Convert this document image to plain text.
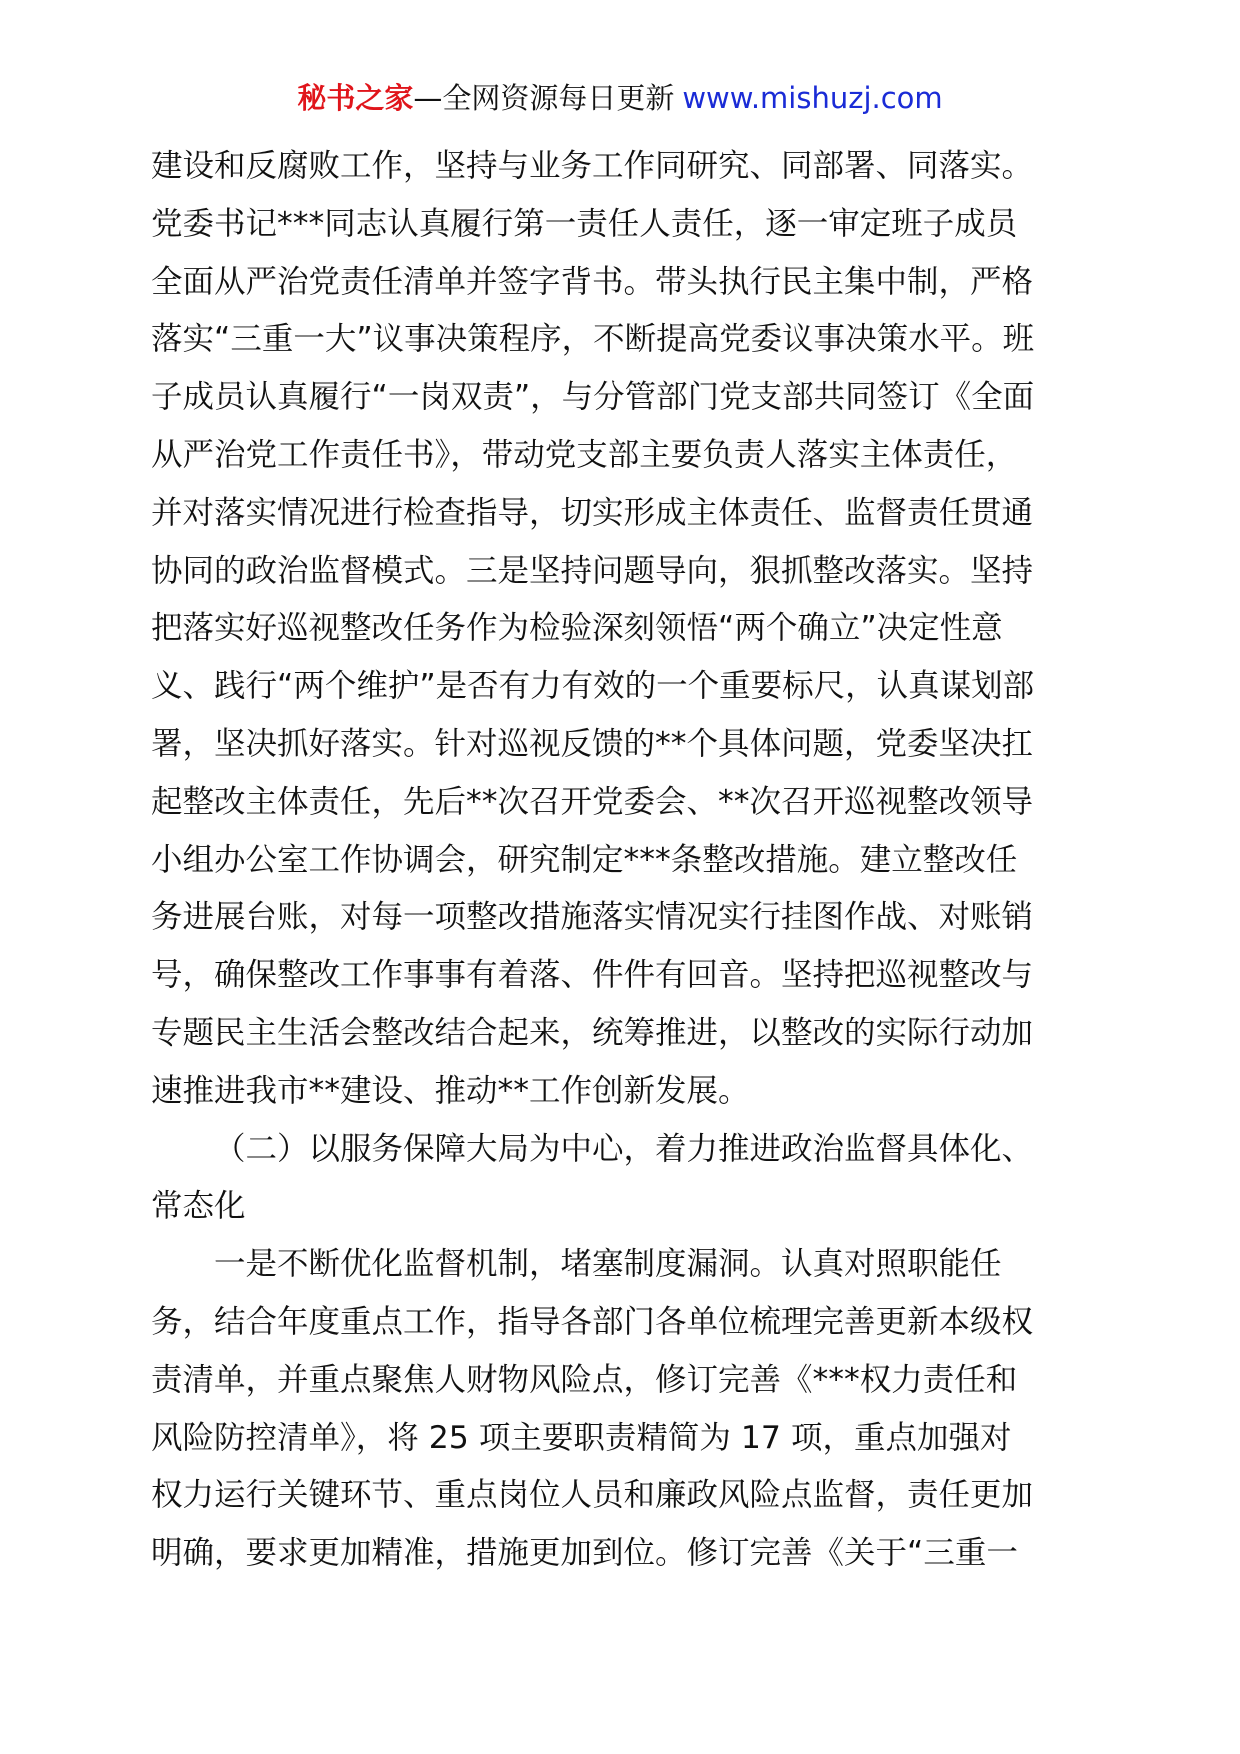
秘书之家—全网资源每日更新 www.mishuzj.com
建设和反腐败工作，坚持与业务工作同研究、同部署、同落实。
党委书记***同志认真履行第一责任人责任，逐一审定班子成员
全面从严治党责任清单并签字背书。带头执行民主集中制，严格
落实“三重一大”议事决策程序，不断提高党委议事决策水平。班
子成员认真履行“一岗双责”，与分管部门党支部共同签订《全面
从严治党工作责任书》，带动党支部主要负责人落实主体责任，
并对落实情况进行检查指导，切实形成主体责任、监督责任贯通
协同的政治监督模式。三是坚持问题导向，狠抓整改落实。坚持
把落实好巡视整改任务作为检验深刻领悟“两个确立”决定性意
义、践行“两个维护”是否有力有效的一个重要标尺，认真谋划部
署，坚决抓好落实。针对巡视反馈的**个具体问题，党委坚决扛
起整改主体责任，先后**次召开党委会、**次召开巡视整改领导
小组办公室工作协调会，研究制定***条整改措施。建立整改任
务进展台账，对每一项整改措施落实情况实行挂图作战、对账销
号，确保整改工作事事有着落、件件有回音。坚持把巡视整改与
专题民主生活会整改结合起来，统筹推进，以整改的实际行动加
速推进我市**建设、推动**工作创新发展。
（二）以服务保障大局为中心，着力推进政治监督具体化、
常态化
一是不断优化监督机制，堵塞制度漏洞。认真对照职能任
务，结合年度重点工作，指导各部门各单位梳理完善更新本级权
责清单，并重点聚焦人财物风险点，修订完善《***权力责任和
风险防控清单》，将 25 项主要职责精简为 17 项，重点加强对
权力运行关键环节、重点岗位人员和廉政风险点监督，责任更加
明确，要求更加精准，措施更加到位。修订完善《关于“三重一
